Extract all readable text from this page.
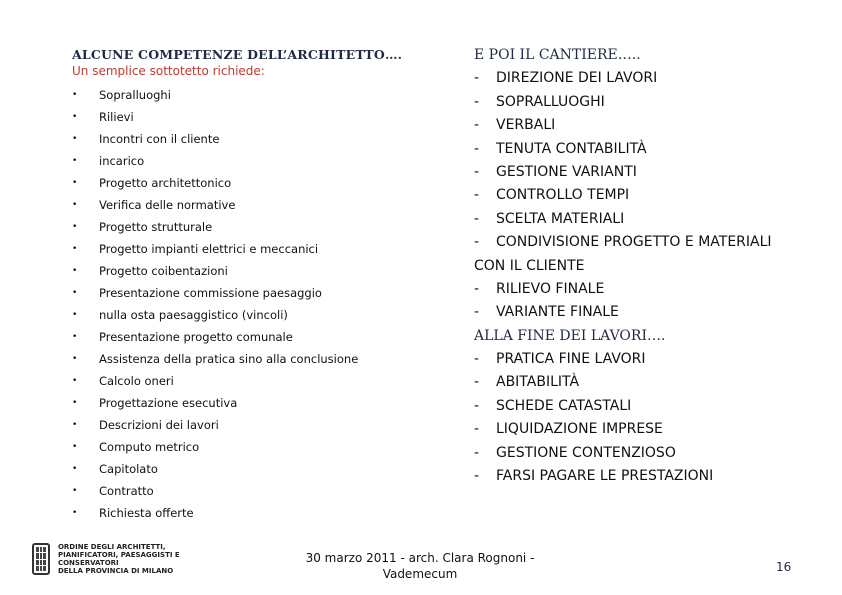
ALCUNE COMPETENZE DELL’ARCHITETTO….
Un semplice sottotetto richiede:
•	Sopralluoghi
•	Rilievi
•	Incontri con il cliente
•	incarico
•	Progetto architettonico
•	Verifica delle normative
•	Progetto strutturale
•	Progetto impianti elettrici e meccanici
•	Progetto coibentazioni
•	Presentazione commissione paesaggio
•	nulla osta paesaggistico (vincoli)
•	Presentazione progetto comunale
•	Assistenza della pratica sino alla conclusione
•	Calcolo oneri
•	Progettazione esecutiva
•	Descrizioni dei lavori
•	Computo metrico
•	Capitolato
•	Contratto
•	Richiesta offerte
E POI IL CANTIERE…..
- DIREZIONE DEI LAVORI
- SOPRALLUOGHI
- VERBALI
- TENUTA CONTABILITÀ
- GESTIONE VARIANTI
- CONTROLLO TEMPI
- SCELTA MATERIALI
- CONDIVISIONE PROGETTO E MATERIALI
CON IL CLIENTE
- RILIEVO FINALE
- VARIANTE FINALE
ALLA FINE DEI LAVORI….
- PRATICA FINE LAVORI
- ABITABILITÀ
- SCHEDE CATASTALI
- LIQUIDAZIONE IMPRESE
- GESTIONE CONTENZIOSO
- FARSI PAGARE LE PRESTAZIONI
ORDINE DEGLI ARCHITETTI,
PIANIFICATORI, PAESAGGISTI E CONSERVATORI
DELLA PROVINCIA DI MILANO
30 marzo 2011 - arch. Clara Rognoni -
Vademecum	16
